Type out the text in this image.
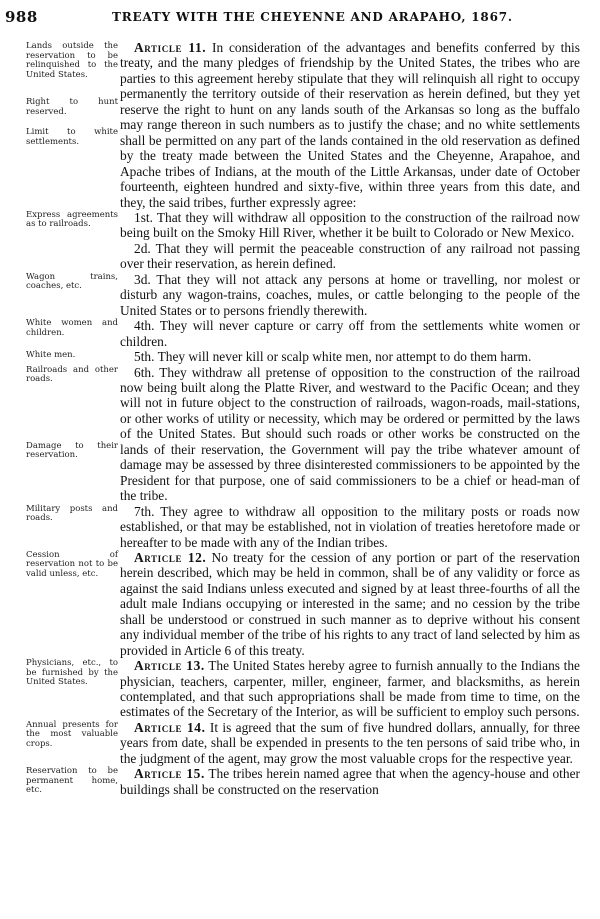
988	TREATY WITH THE CHEYENNE AND ARAPAHO, 1867.
Lands outside the reservation to be relinquished to the United States.
Right to hunt reserved.
Limit to white settlements.

Article 11. In consideration of the advantages and benefits conferred by this treaty, and the many pledges of friendship by the United States, the tribes who are parties to this agreement hereby stipulate that they will relinquish all right to occupy permanently the territory outside of their reservation as herein defined, but they yet reserve the right to hunt on any lands south of the Arkansas so long as the buffalo may range thereon in such numbers as to justify the chase; and no white settlements shall be permitted on any part of the lands contained in the old reservation as defined by the treaty made between the United States and the Cheyenne, Arapahoe, and Apache tribes of Indians, at the mouth of the Little Arkansas, under date of October fourteenth, eighteen hundred and sixty-five, within three years from this date, and they, the said tribes, further expressly agree:

Express agreements as to railroads.	1st. That they will withdraw all opposition to the construction of the railroad now being built on the Smoky Hill River, whether it be built to Colorado or New Mexico.

2d. That they will permit the peaceable construction of any railroad not passing over their reservation, as herein defined.

Wagon trains, coaches, etc.	3d. That they will not attack any persons at home or travelling, nor molest or disturb any wagon-trains, coaches, mules, or cattle belonging to the people of the United States or to persons friendly therewith.

White women and children.	4th. They will never capture or carry off from the settlements white women or children.

White men.	5th. They will never kill or scalp white men, nor attempt to do them harm.

Railroads and other roads.
Damage to their reservation.

6th. They withdraw all pretense of opposition to the construction of the railroad now being built along the Platte River, and westward to the Pacific Ocean; and they will not in future object to the construction of railroads, wagon-roads, mail-stations, or other works of utility or necessity, which may be ordered or permitted by the laws of the United States. But should such roads or other works be constructed on the lands of their reservation, the Government will pay the tribe whatever amount of damage may be assessed by three disinterested commissioners to be appointed by the President for that purpose, one of said commissioners to be a chief or head-man of the tribe.

Military posts and roads.	7th. They agree to withdraw all opposition to the military posts or roads now established, or that may be established, not in violation of treaties heretofore made or hereafter to be made with any of the Indian tribes.

Cession of reservation not to be valid unless, etc.

Article 12. No treaty for the cession of any portion or part of the reservation herein described, which may be held in common, shall be of any validity or force as against the said Indians unless executed and signed by at least three-fourths of all the adult male Indians occupying or interested in the same; and no cession by the tribe shall be understood or construed in such manner as to deprive without his consent any individual member of the tribe of his rights to any tract of land selected by him as provided in Article 6 of this treaty.

Physicians, etc., to be furnished by the United States.

Article 13. The United States hereby agree to furnish annually to the Indians the physician, teachers, carpenter, miller, engineer, farmer, and blacksmiths, as herein contemplated, and that such appropriations shall be made from time to time, on the estimates of the Secretary of the Interior, as will be sufficient to employ such persons.

Annual presents for the most valuable crops.

Article 14. It is agreed that the sum of five hundred dollars, annually, for three years from date, shall be expended in presents to the ten persons of said tribe who, in the judgment of the agent, may grow the most valuable crops for the respective year.

Reservation to be permanent home, etc.

Article 15. The tribes herein named agree that when the agency-house and other buildings shall be constructed on the reservation
